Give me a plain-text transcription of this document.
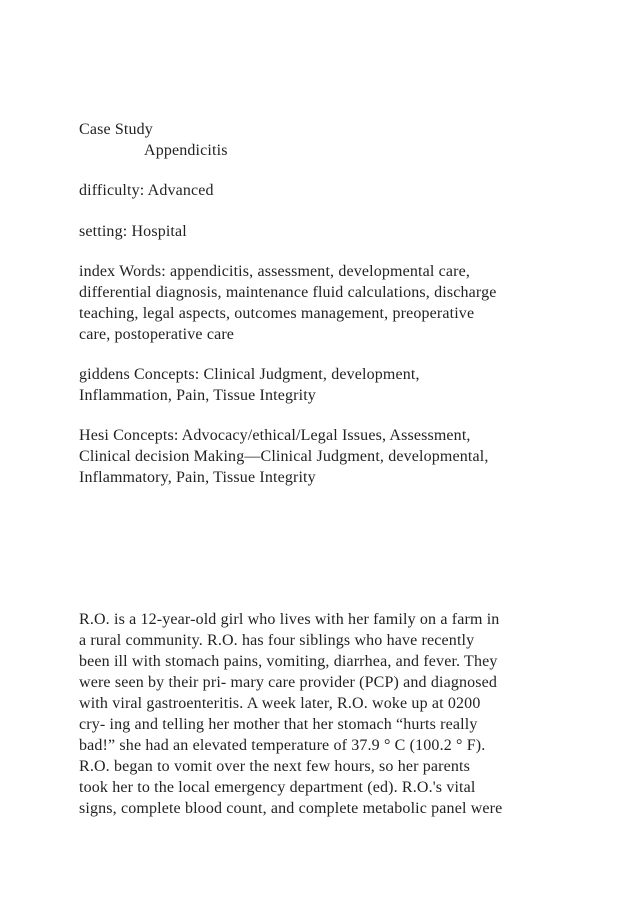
Case Study
Appendicitis
difficulty: Advanced
setting: Hospital
index Words: appendicitis, assessment, developmental care,
differential diagnosis, maintenance fluid calculations, discharge
teaching, legal aspects, outcomes management, preoperative
care, postoperative care
giddens Concepts: Clinical Judgment, development,
Inflammation, Pain, Tissue Integrity
Hesi Concepts: Advocacy/ethical/Legal Issues, Assessment,
Clinical decision Making—Clinical Judgment, developmental,
Inflammatory, Pain, Tissue Integrity
R.O. is a 12-year-old girl who lives with her family on a farm in
a rural community. R.O. has four siblings who have recently
been ill with stomach pains, vomiting, diarrhea, and fever. They
were seen by their pri- mary care provider (PCP) and diagnosed
with viral gastroenteritis. A week later, R.O. woke up at 0200
cry- ing and telling her mother that her stomach “hurts really
bad!” she had an elevated temperature of 37.9 ° C (100.2 ° F).
R.O. began to vomit over the next few hours, so her parents
took her to the local emergency department (ed). R.O.'s vital
signs, complete blood count, and complete metabolic panel were
